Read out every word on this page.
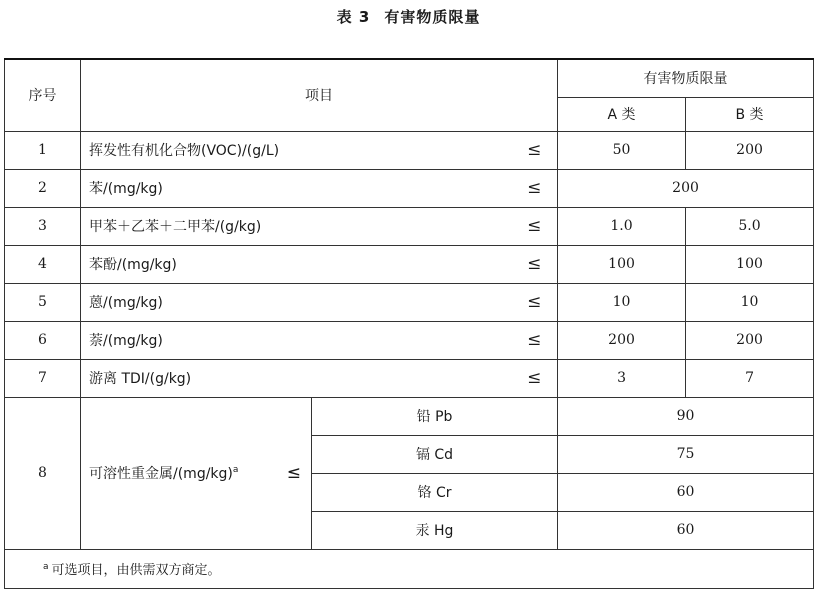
表 3 有害物质限量
序号	项目			有害物质限量	
				A 类	B 类
1	挥发性有机化合物(VOC)/(g/L)		≤	50	200
2	苯/(mg/kg)		≤	200	
3	甲苯＋乙苯＋二甲苯/(g/kg)		≤	1.0	5.0
4	苯酚/(mg/kg)		≤	100	100
5	蒽/(mg/kg)		≤	10	10
6	萘/(mg/kg)		≤	200	200
7	游离 TDI/(g/kg)		≤	3	7
8	可溶性重金属$/(mg/kg)^a$ ≤	铅 Pb		90	
		镉 Cd		75	
		铬 Cr		60	
		汞 Hg		60	
$^a$ 可选项目，由供需双方商定。					
